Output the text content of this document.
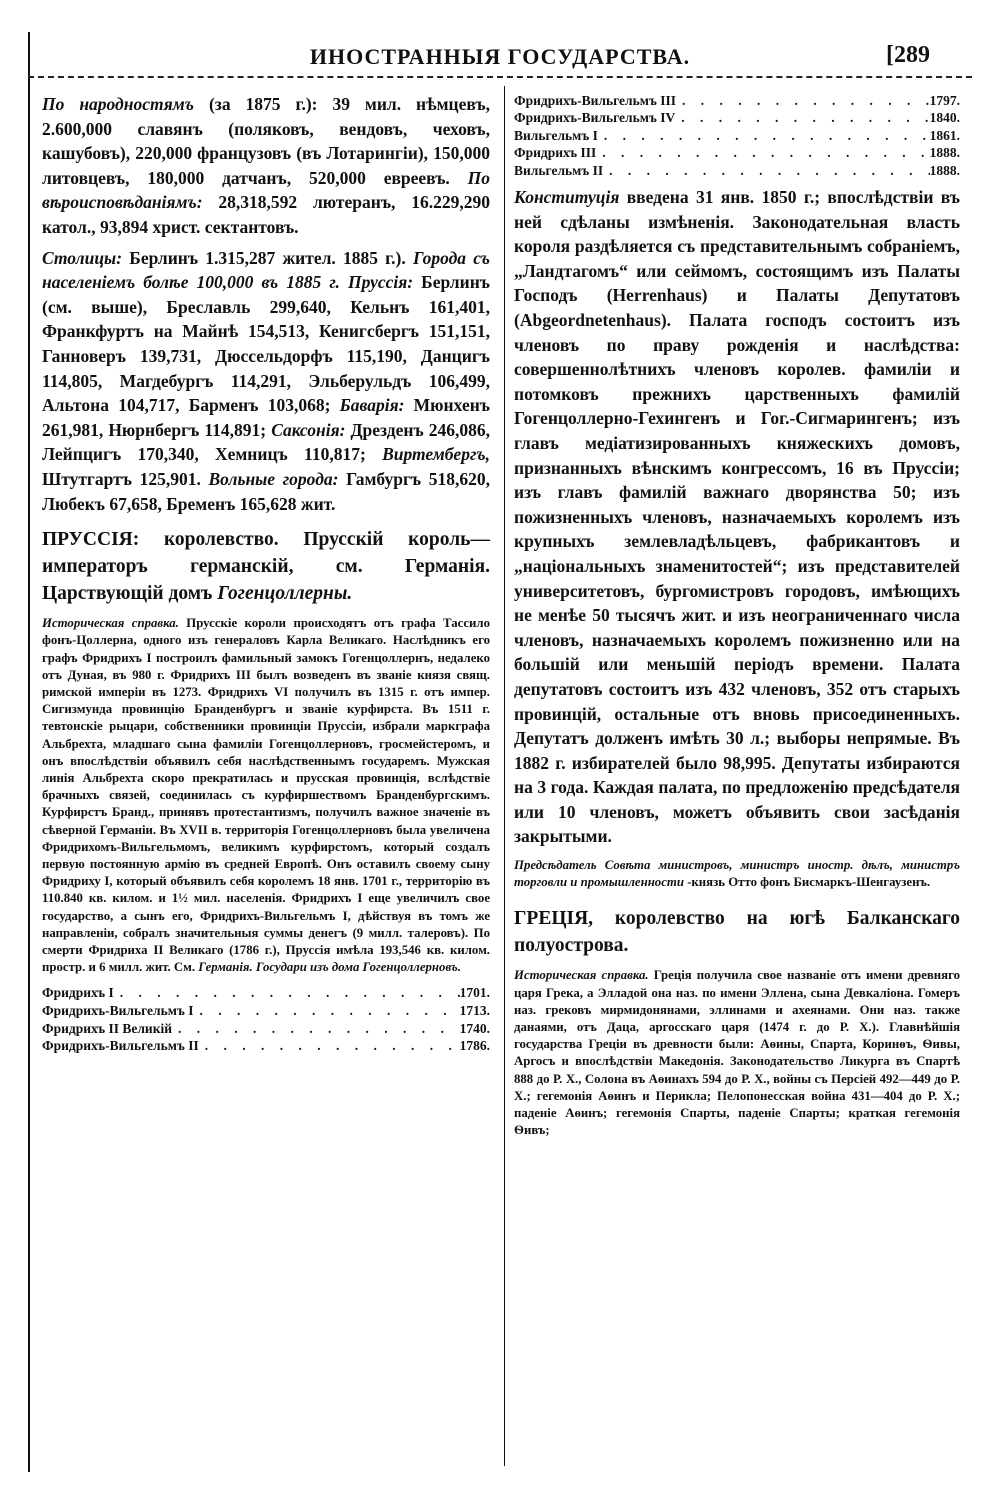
ИНОСТРАННЫЯ ГОСУДАРСТВА.	[289

По народностямъ (за 1875 г.): 39 мил. нѣмцевъ, 2.600,000 славянъ (поляковъ, вендовъ, чеховъ, кашубовъ), 220,000 французовъ (въ Лотарингіи), 150,000 литовцевъ, 180,000 датчанъ, 520,000 евреевъ. По вѣроисповѣданіямъ: 28,318,592 лютеранъ, 16.229,290 катол., 93,894 христ. сектантовъ.

Столицы: Берлинъ 1.315,287 жител. 1885 г.). Города съ населеніемъ болѣе 100,000 въ 1885 г. Пруссія: Берлинъ (см. выше), Бреславль 299,640, Кельнъ 161,401, Франкфуртъ на Майнѣ 154,513, Кенигсбергъ 151,151, Ганноверъ 139,731, Дюссельдорфъ 115,190, Данцигъ 114,805, Магдебургъ 114,291, Эльберульдъ 106,499, Альтона 104,717, Барменъ 103,068; Баварія: Мюнхенъ 261,981, Нюрнбергъ 114,891; Саксонія: Дрезденъ 246,086, Лейпцигъ 170,340, Хемницъ 110,817; Виртембергъ, Штутгартъ 125,901. Вольные города: Гамбургъ 518,620, Любекъ 67,658, Бременъ 165,628 жит.

ПРУССІЯ: королевство. Прусскій король—императоръ германскій, см. Германія. Царствующій домъ Гогенцоллерны.

Историческая справка. Прусскіе короли происходятъ отъ графа Тассило фонъ-Цоллерна, одного изъ генераловъ Карла Великаго. Наслѣдникъ его графъ Фридрихъ I построилъ фамильный замокъ Гогенцоллернъ, недалеко отъ Дуная, въ 980 г. Фридрихъ III былъ возведенъ въ званіе князя свящ. римской имперіи въ 1273. Фридрихъ VI получилъ въ 1315 г. отъ импер. Сигизмунда провинцію Бранденбургъ и званіе курфирста. Въ 1511 г. тевтонскіе рыцари, собственники провинціи Пруссіи, избрали маркграфа Альбрехта, младшаго сына фамиліи Гогенцоллерновъ, гросмейстеромъ, и онъ впослѣдствіи объявилъ себя наслѣдственнымъ государемъ. Мужская линія Альбрехта скоро прекратилась и прусская провинція, вслѣдствіе брачныхъ связей, соединилась съ курфиршествомъ Бранденбургскимъ. Курфирстъ Бранд., принявъ протестантизмъ, получилъ важное значеніе въ сѣверной Германіи. Въ XVII в. территорія Гогенцоллерновъ была увеличена Фридрихомъ-Вильгельмомъ, великимъ курфирстомъ, который создалъ первую постоянную армію въ средней Европѣ. Онъ оставилъ своему сыну Фридриху I, который объявилъ себя королемъ 18 янв. 1701 г., территорію въ 110.840 кв. килом. и 1½ мил. населенія. Фридрихъ I еще увеличилъ свое государство, а сынъ его, Фридрихъ-Вильгельмъ I, дѣйствуя въ томъ же направленіи, собралъ значительныя суммы денегъ (9 милл. талеровъ). По смерти Фридриха II Великаго (1786 г.), Пруссія имѣла 193,546 кв. килом. простр. и 6 милл. жит. См. Германія. Государи изъ дома Гогенцоллерновъ.

Фридрихъ I . . .	1701.
Фридрихъ-Вильгельмъ I . . .	1713.
Фридрихъ II Великій . . .	1740.
Фридрихъ-Вильгельмъ II . . .	1786.
Фридрихъ-Вильгельмъ III . . .	1797.
Фридрихъ-Вильгельмъ IV . . .	1840.
Вильгельмъ I . . .	1861.
Фридрихъ III . . .	1888.
Вильгельмъ II . . .	1888.

Конституція введена 31 янв. 1850 г.; впослѣдствіи въ ней сдѣланы измѣненія. Законодательная власть короля раздѣляется съ представительнымъ собраніемъ, „Ландтагомъ“ или сеймомъ, состоящимъ изъ Палаты Господъ (Herrenhaus) и Палаты Депутатовъ (Abgeordnetenhaus). Палата господъ состоитъ изъ членовъ по праву рожденія и наслѣдства: совершеннолѣтнихъ членовъ королев. фамиліи и потомковъ прежнихъ царственныхъ фамилій Гогенцоллерно-Гехингенъ и Гог.-Сигмарингенъ; изъ главъ медіатизированныхъ княжескихъ домовъ, признанныхъ вѣнскимъ конгрессомъ, 16 въ Пруссіи; изъ главъ фамилій важнаго дворянства 50; изъ пожизненныхъ членовъ, назначаемыхъ королемъ изъ крупныхъ землевладѣльцевъ, фабрикантовъ и „національныхъ знаменитостей“; изъ представителей университетовъ, бургомистровъ городовъ, имѣющихъ не менѣе 50 тысячъ жит. и изъ неограниченнаго числа членовъ, назначаемыхъ королемъ пожизненно или на большій или меньшій періодъ времени. Палата депутатовъ состоитъ изъ 432 членовъ, 352 отъ старыхъ провинцій, остальные отъ вновь присоединенныхъ. Депутатъ долженъ имѣть 30 л.; выборы непрямые. Въ 1882 г. избирателей было 98,995. Депутаты избираются на 3 года. Каждая палата, по предложенію предсѣдателя или 10 членовъ, можетъ объявить свои засѣданія закрытыми.

Предсѣдатель Совѣта министровъ, министръ иностр. дѣлъ, министръ торговли и промышленности -князь Отто фонъ Бисмаркъ-Шенгаузенъ.

ГРЕЦІЯ, королевство на югѣ Балканскаго полуострова.

Историческая справка. Греція получила свое названіе отъ имени древняго царя Грека, а Элладой она наз. по имени Эллена, сына Девкаліона. Гомеръ наз. грековъ мирмидонянами, эллинами и ахеянами. Они наз. также данаями, отъ Даца, аргосскаго царя (1474 г. до Р. Х.). Главнѣйшія государства Греціи въ древности были: Аѳины, Спарта, Коринѳъ, Ѳивы, Аргосъ и впослѣдствіи Македонія. Законодательство Ликурга въ Спартѣ 888 до Р. Х., Солона въ Аѳинахъ 594 до Р. Х., войны съ Персіей 492—449 до Р. Х.; гегемонія Аѳинъ и Перикла; Пелопонесская война 431—404 до Р. Х.; паденіе Аѳинъ; гегемонія Спарты, паденіе Спарты; краткая гегемонія Ѳивъ;
